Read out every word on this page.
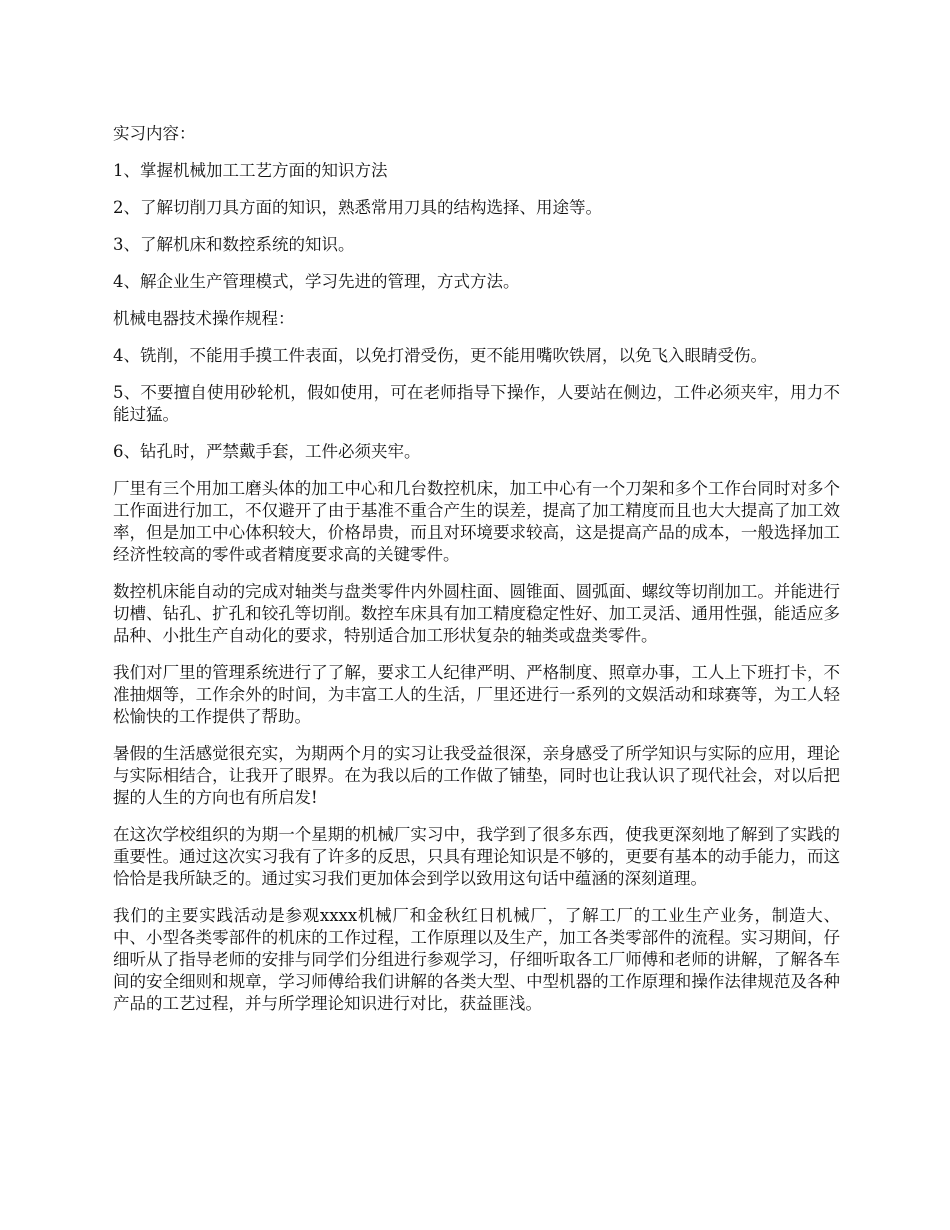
实习内容：

1、掌握机械加工工艺方面的知识方法

2、了解切削刀具方面的知识，熟悉常用刀具的结构选择、用途等。

3、了解机床和数控系统的知识。

4、解企业生产管理模式，学习先进的管理，方式方法。

机械电器技术操作规程：

4、铣削，不能用手摸工件表面，以免打滑受伤，更不能用嘴吹铁屑，以免飞入眼睛受伤。

5、不要擅自使用砂轮机，假如使用，可在老师指导下操作，人要站在侧边，工件必须夹牢，用力不能过猛。

6、钻孔时，严禁戴手套，工件必须夹牢。

厂里有三个用加工磨头体的加工中心和几台数控机床，加工中心有一个刀架和多个工作台同时对多个工作面进行加工，不仅避开了由于基准不重合产生的误差，提高了加工精度而且也大大提高了加工效率，但是加工中心体积较大，价格昂贵，而且对环境要求较高，这是提高产品的成本，一般选择加工经济性较高的零件或者精度要求高的关键零件。

数控机床能自动的完成对轴类与盘类零件内外圆柱面、圆锥面、圆弧面、螺纹等切削加工。并能进行切槽、钻孔、扩孔和铰孔等切削。数控车床具有加工精度稳定性好、加工灵活、通用性强，能适应多品种、小批生产自动化的要求，特别适合加工形状复杂的轴类或盘类零件。

我们对厂里的管理系统进行了了解，要求工人纪律严明、严格制度、照章办事，工人上下班打卡，不准抽烟等，工作余外的时间，为丰富工人的生活，厂里还进行一系列的文娱活动和球赛等，为工人轻松愉快的工作提供了帮助。

暑假的生活感觉很充实，为期两个月的实习让我受益很深，亲身感受了所学知识与实际的应用，理论与实际相结合，让我开了眼界。在为我以后的工作做了铺垫，同时也让我认识了现代社会，对以后把握的人生的方向也有所启发!

在这次学校组织的为期一个星期的机械厂实习中，我学到了很多东西，使我更深刻地了解到了实践的重要性。通过这次实习我有了许多的反思，只具有理论知识是不够的，更要有基本的动手能力，而这恰恰是我所缺乏的。通过实习我们更加体会到学以致用这句话中蕴涵的深刻道理。

我们的主要实践活动是参观xxxx机械厂和金秋红日机械厂，了解工厂的工业生产业务，制造大、中、小型各类零部件的机床的工作过程，工作原理以及生产，加工各类零部件的流程。实习期间，仔细听从了指导老师的安排与同学们分组进行参观学习，仔细听取各工厂师傅和老师的讲解，了解各车间的安全细则和规章，学习师傅给我们讲解的各类大型、中型机器的工作原理和操作法律规范及各种产品的工艺过程，并与所学理论知识进行对比，获益匪浅。
